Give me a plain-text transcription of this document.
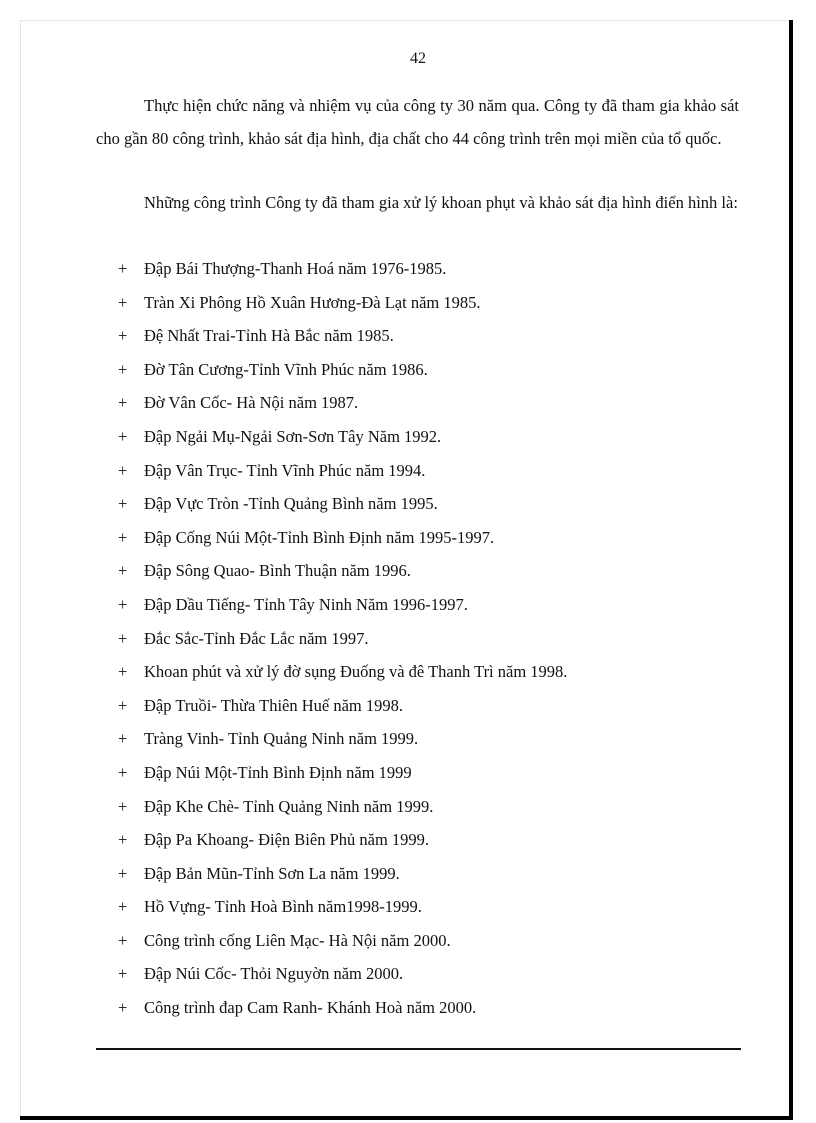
42

Thực hiện chức năng và nhiệm vụ của công ty 30 năm qua. Công ty đã tham gia khảo sát cho gần 80 công trình, khảo sát địa hình, địa chất cho 44 công trình trên mọi miền của tổ quốc.

Những công trình Công ty đã tham gia xử lý khoan phụt và khảo sát địa hình điển hình là:

+ Đập Bái Thượng-Thanh Hoá năm 1976-1985.
+ Tràn Xi Phông Hồ Xuân Hương-Đà Lạt năm 1985.
+ Đệ Nhất Trai-Tỉnh Hà Bắc năm 1985.
+ Đờ Tân Cương-Tỉnh Vĩnh Phúc năm 1986.
+ Đờ Vân Cốc- Hà Nội năm 1987.
+ Đập Ngải Mụ-Ngải Sơn-Sơn Tây Năm 1992.
+ Đập Vân Trục- Tỉnh Vĩnh Phúc năm 1994.
+ Đập Vực Tròn -Tỉnh Quảng Bình năm 1995.
+ Đập Cống Núi Một-Tỉnh Bình Định năm 1995-1997.
+ Đập Sông Quao- Bình Thuận năm 1996.
+ Đập Dầu Tiếng- Tỉnh Tây Ninh Năm 1996-1997.
+ Đắc Sắc-Tỉnh Đắc Lắc năm 1997.
+ Khoan phút và xử lý đờ sụng Đuống và đê Thanh Trì năm 1998.
+ Đập Truồi- Thừa Thiên Huế năm 1998.
+ Tràng Vinh- Tỉnh Quảng Ninh năm 1999.
+ Đập Núi Một-Tỉnh Bình Định năm 1999
+ Đập Khe Chè- Tỉnh Quảng Ninh năm 1999.
+ Đập Pa Khoang- Điện Biên Phủ năm 1999.
+ Đập Bản Mũn-Tỉnh Sơn La năm 1999.
+ Hồ Vựng- Tỉnh Hoà Bình năm1998-1999.
+ Công trình cống Liên Mạc- Hà Nội năm 2000.
+ Đập Núi Cốc- Thỏi Nguyờn năm 2000.
+ Công trình đap Cam Ranh- Khánh Hoà năm 2000.
